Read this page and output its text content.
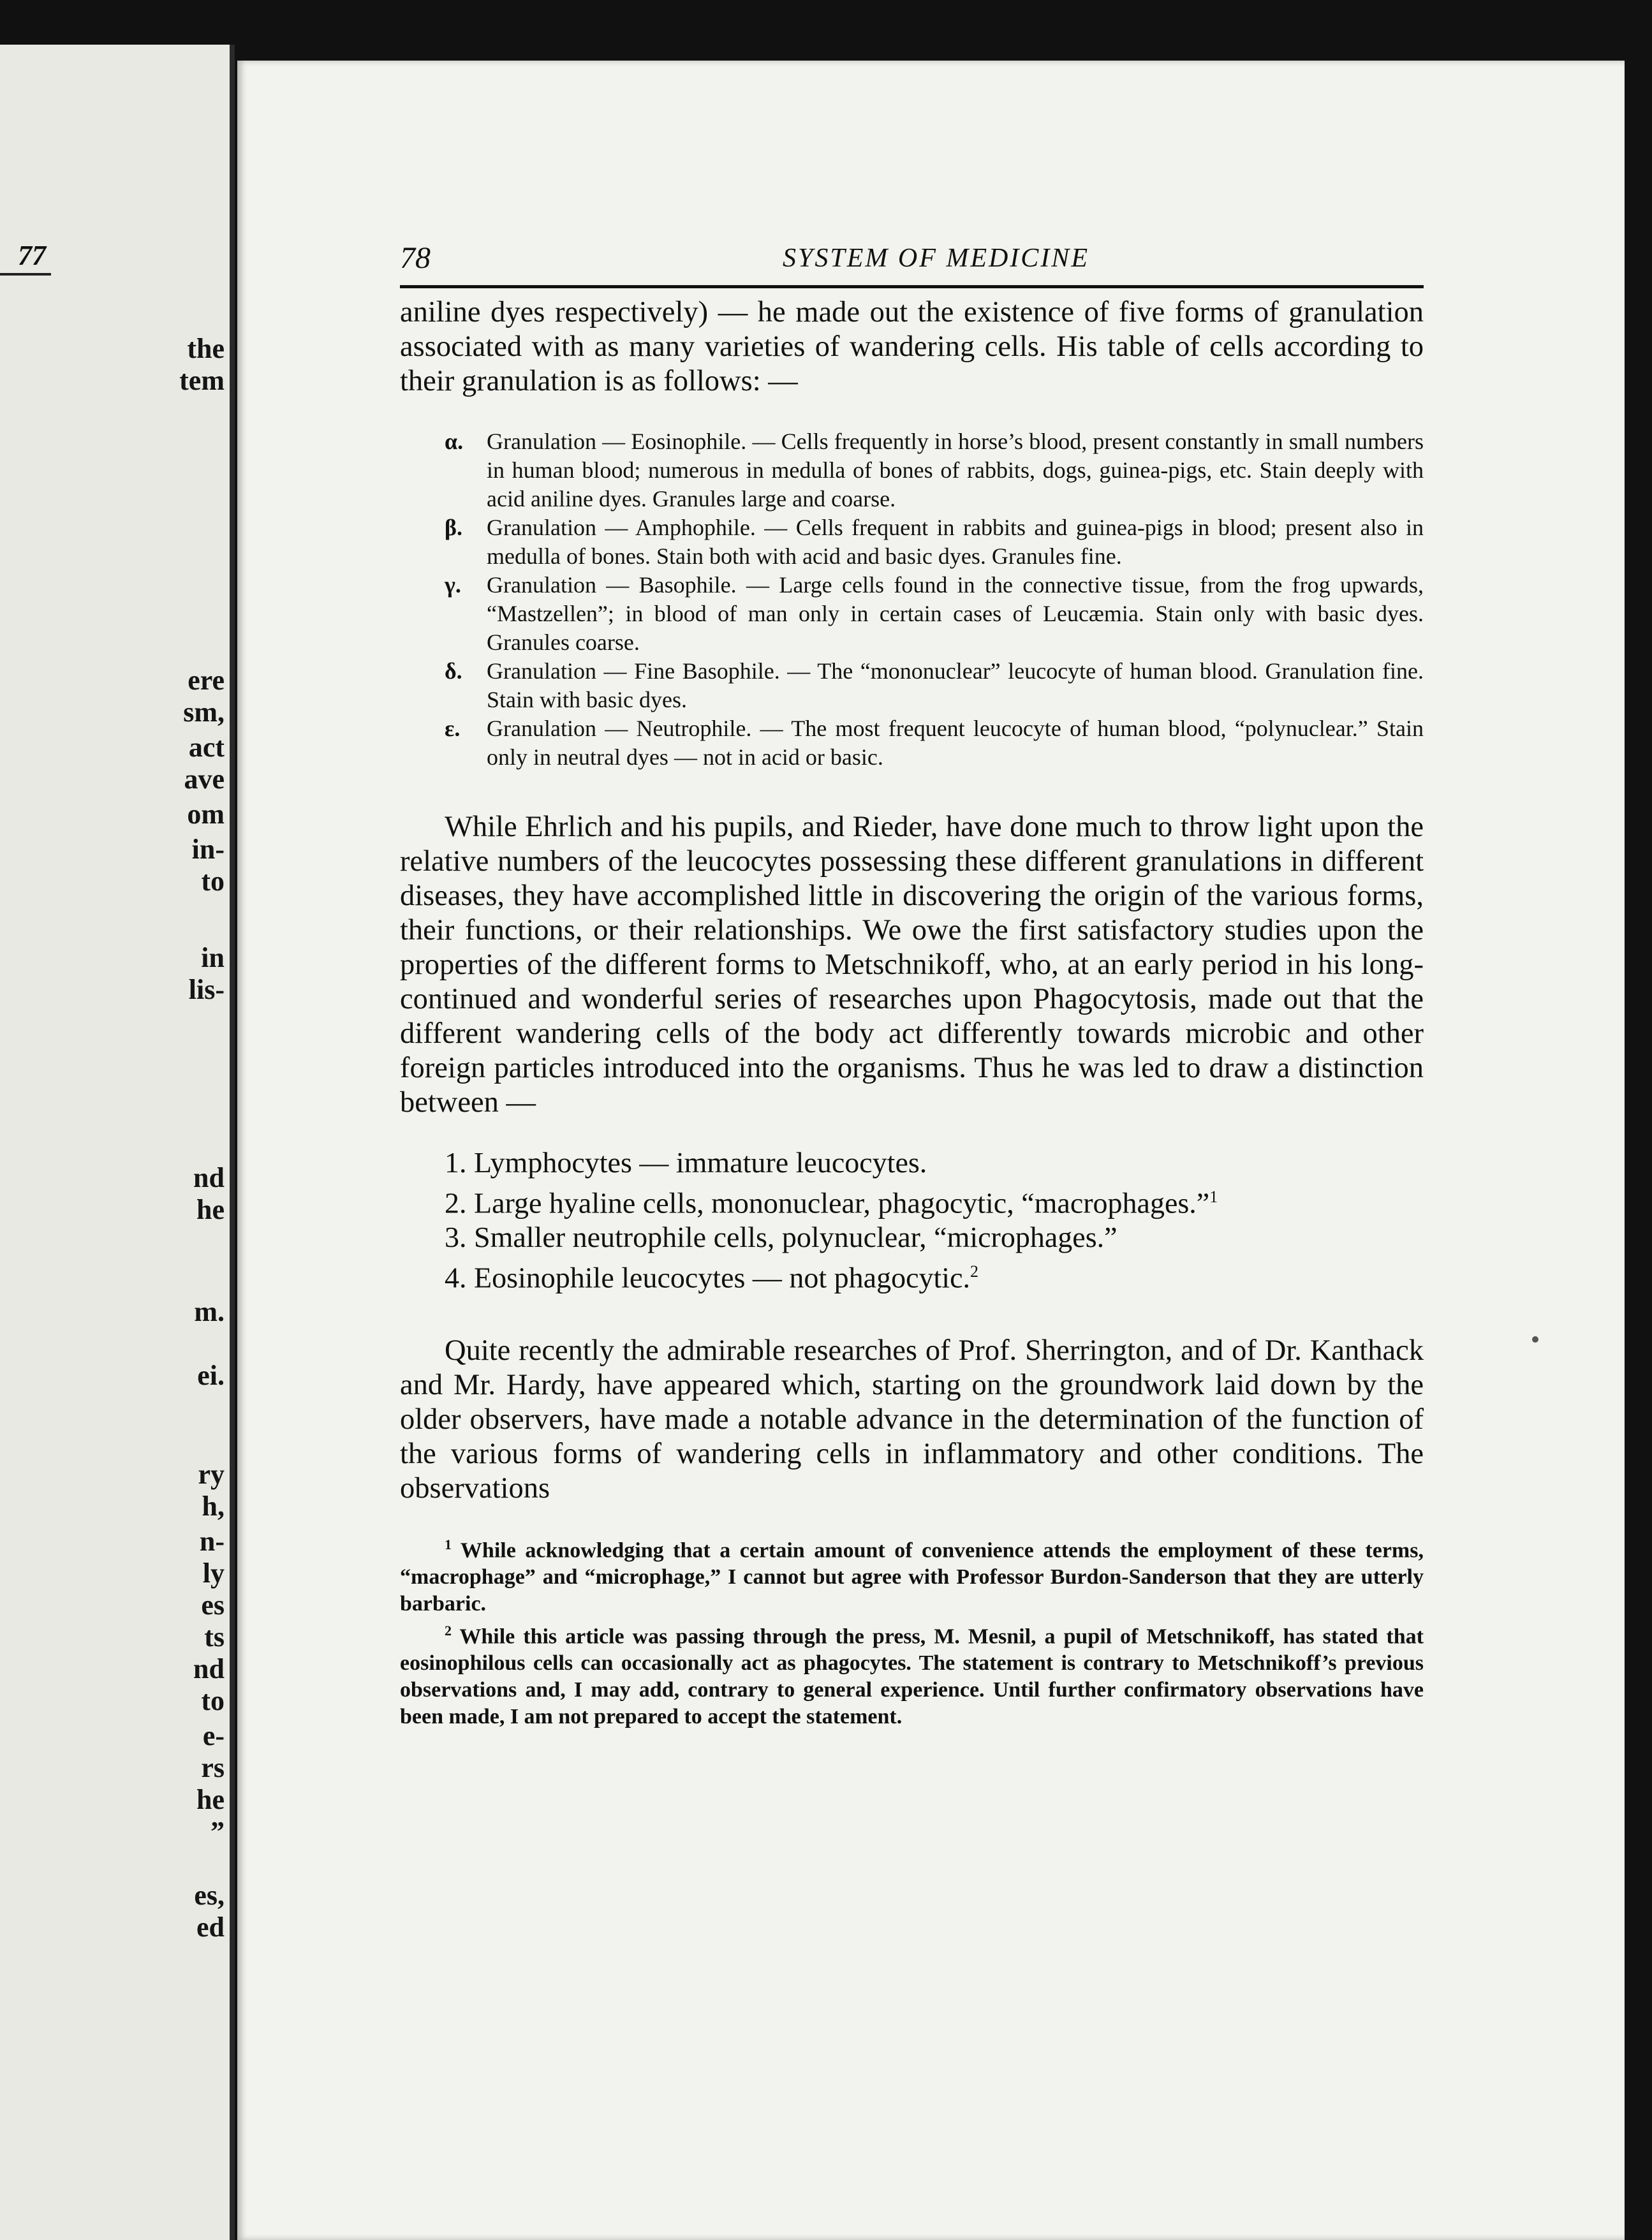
77
the
tem
ere
sm,
act
ave
om
in-
to
in
lis-
nd
he
m.
ei.
ry
h,
n-
ly
es
ts
nd
to
e-
rs
he
”
es,
ed
78	SYSTEM OF MEDICINE

aniline dyes respectively) — he made out the existence of five forms of granulation associated with as many varieties of wandering cells. His table of cells according to their granulation is as follows: —

α.	Granulation — Eosinophile. — Cells frequently in horse’s blood, present constantly in small numbers in human blood; numerous in medulla of bones of rabbits, dogs, guinea-pigs, etc. Stain deeply with acid aniline dyes. Granules large and coarse.
β.	Granulation — Amphophile. — Cells frequent in rabbits and guinea-pigs in blood; present also in medulla of bones. Stain both with acid and basic dyes. Granules fine.
γ.	Granulation — Basophile. — Large cells found in the connective tissue, from the frog upwards, “Mastzellen”; in blood of man only in certain cases of Leucæmia. Stain only with basic dyes. Granules coarse.
δ.	Granulation — Fine Basophile. — The “mononuclear” leucocyte of human blood. Granulation fine. Stain with basic dyes.
ε.	Granulation — Neutrophile. — The most frequent leucocyte of human blood, “polynuclear.” Stain only in neutral dyes — not in acid or basic.

While Ehrlich and his pupils, and Rieder, have done much to throw light upon the relative numbers of the leucocytes possessing these different granulations in different diseases, they have accomplished little in discovering the origin of the various forms, their functions, or their relationships. We owe the first satisfactory studies upon the properties of the different forms to Metschnikoff, who, at an early period in his long-continued and wonderful series of researches upon Phagocytosis, made out that the different wandering cells of the body act differently towards microbic and other foreign particles introduced into the organisms. Thus he was led to draw a distinction between —

1. Lymphocytes — immature leucocytes.
2. Large hyaline cells, mononuclear, phagocytic, “macrophages.”$^1$
3. Smaller neutrophile cells, polynuclear, “microphages.”
4. Eosinophile leucocytes — not phagocytic.$^2$

Quite recently the admirable researches of Prof. Sherrington, and of Dr. Kanthack and Mr. Hardy, have appeared which, starting on the groundwork laid down by the older observers, have made a notable advance in the determination of the function of the various forms of wandering cells in inflammatory and other conditions. The observations

$^1$ While acknowledging that a certain amount of convenience attends the employment of these terms, “macrophage” and “microphage,” I cannot but agree with Professor Burdon-Sanderson that they are utterly barbaric.
$^2$ While this article was passing through the press, M. Mesnil, a pupil of Metschnikoff, has stated that eosinophilous cells can occasionally act as phagocytes. The statement is contrary to Metschnikoff’s previous observations and, I may add, contrary to general experience. Until further confirmatory observations have been made, I am not prepared to accept the statement.
